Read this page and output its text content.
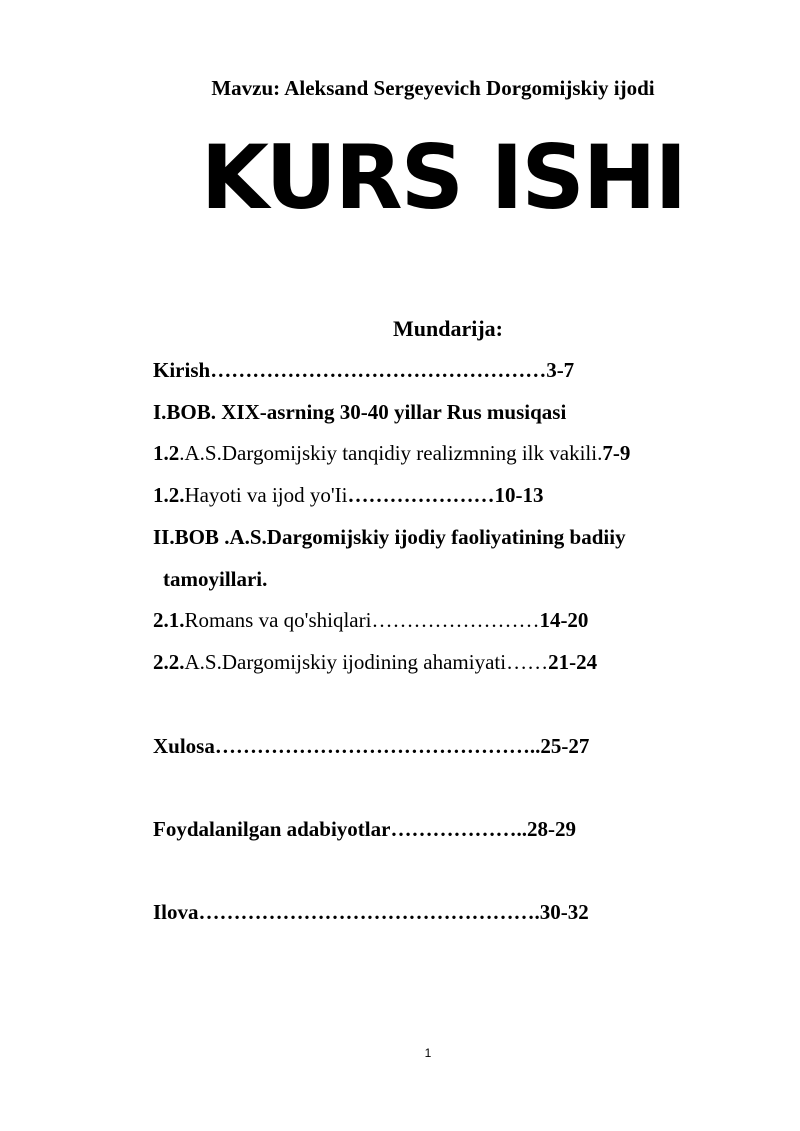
Mavzu: Aleksand Sergeyevich Dorgomijskiy ijodi
KURS ISHI
Mundarija:
Kirish…………………………………………3-7
I.BOB. XIX-asrning 30-40 yillar Rus musiqasi
1.2.A.S.Dargomijskiy tanqidiy realizmning ilk vakili.7-9
1.2.Hayoti va ijod yo'Ii…………………10-13
II.BOB .A.S.Dargomijskiy ijodiy faoliyatining badiiy
tamoyillari.
2.1.Romans va qo'shiqlari……………………14-20
2.2.A.S.Dargomijskiy ijodining ahamiyati……21-24
Xulosa………………………………………..25-27
Foydalanilgan adabiyotlar………………..28-29
Ilova………………………………………….30-32
1
